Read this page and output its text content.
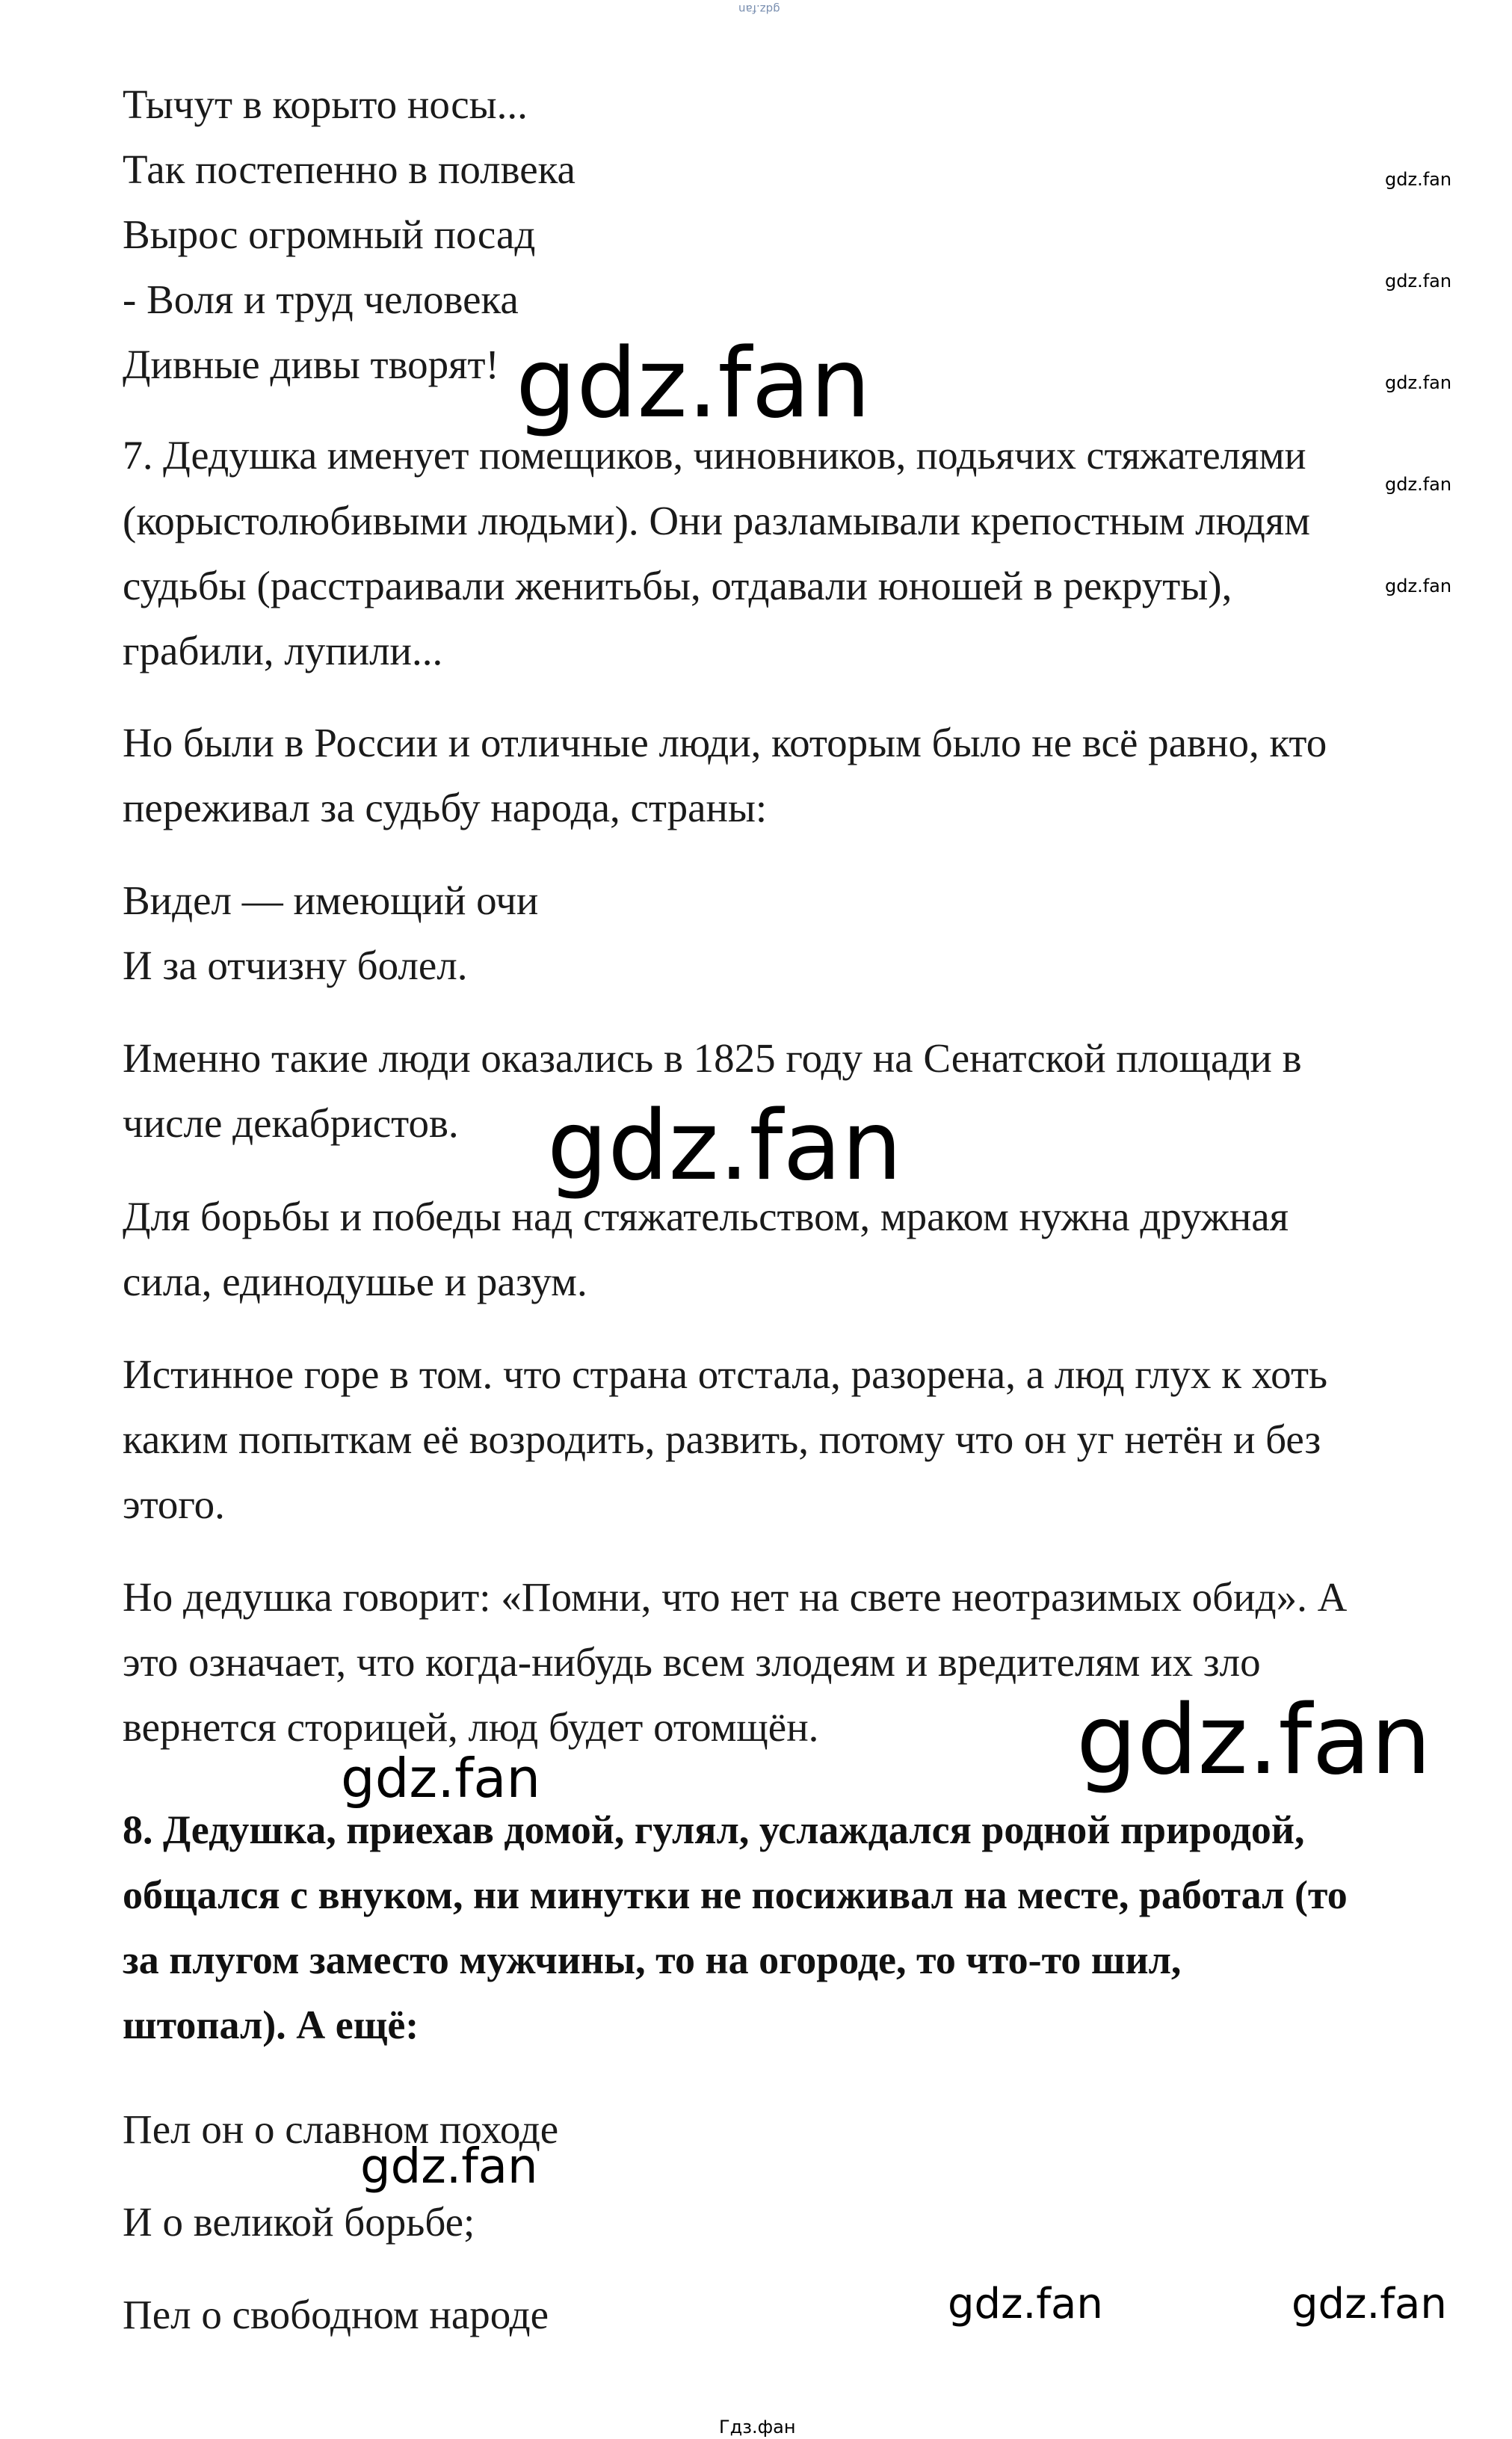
gdz.fan
gdz.fan
gdz.fan
gdz.fan
gdz.fan
gdz.fan
gdz.fan
gdz.fan
gdz.fan
gdz.fan
gdz.fan
gdz.fan	gdz.fan
Гдз.фан
Тычут в корыто носы...
Так постепенно в полвека
Вырос огромный посад
- Воля и труд человека
Дивные дивы творят!
7. Дедушка именует помещиков, чиновников, подьячих стяжателями
(корыстолюбивыми людьми). Они разламывали крепостным людям
судьбы (расстраивали женитьбы, отдавали юношей в рекруты),
грабили, лупили...
Но были в России и отличные люди, которым было не всё равно, кто
переживал за судьбу народа, страны:
Видел — имеющий очи
И за отчизну болел.
Именно такие люди оказались в 1825 году на Сенатской площади в
числе декабристов.
Для борьбы и победы над стяжательством, мраком нужна дружная
сила, единодушье и разум.
Истинное горе в том. что страна отстала, разорена, а люд глух к хоть
каким попыткам её возродить, развить, потому что он уг нетён и без
этого.
Но дедушка говорит: «Помни, что нет на свете неотразимых обид». А
это означает, что когда-нибудь всем злодеям и вредителям их зло
вернется сторицей, люд будет отомщён.
8. Дедушка, приехав домой, гулял, услаждался родной природой,
общался с внуком, ни минутки не посиживал на месте, работал (то
за плугом заместо мужчины, то на огороде, то что-то шил,
штопал). А ещё:
Пел он о славном походе
И о великой борьбе;
Пел о свободном народе
